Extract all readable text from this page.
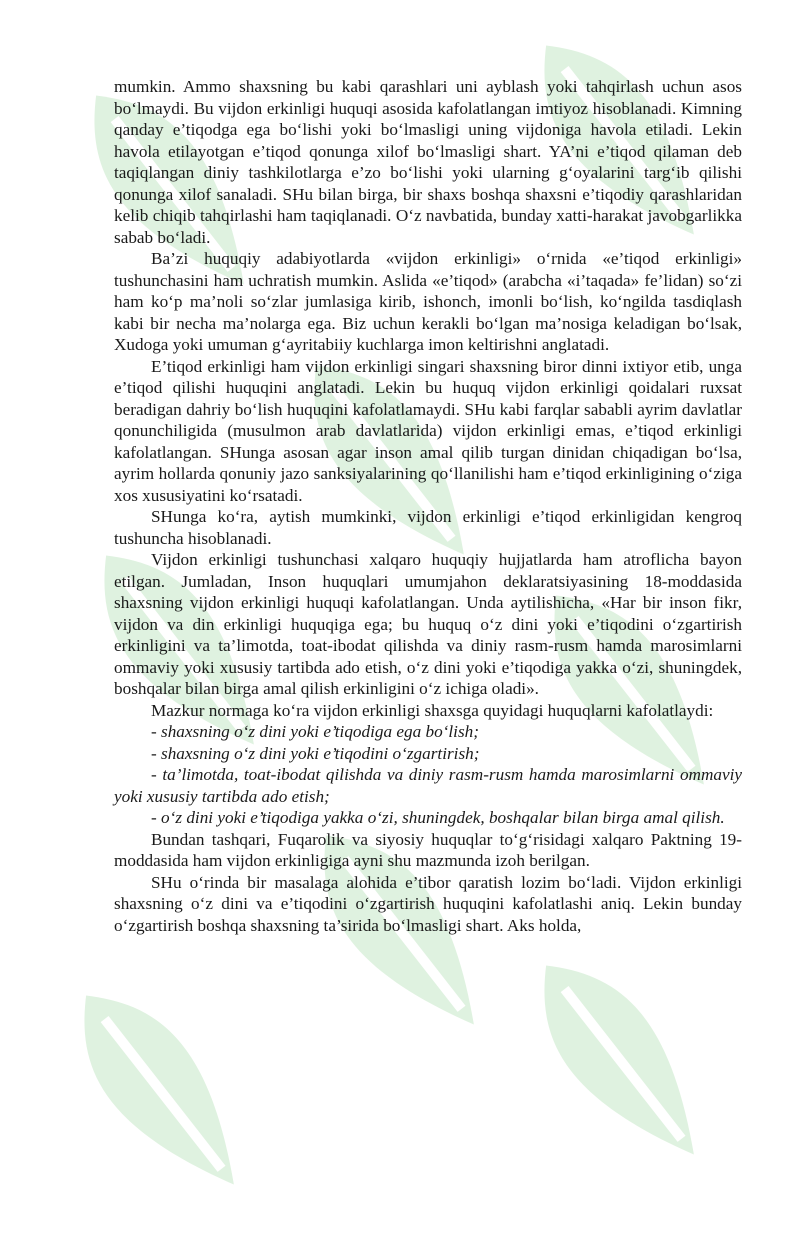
mumkin. Ammo shaxsning bu kabi qarashlari uni ayblash yoki tahqirlash uchun asos bo‘lmaydi. Bu vijdon erkinligi huquqi asosida kafolatlangan imtiyoz hisoblanadi. Kimning qanday e’tiqodga ega bo‘lishi yoki bo‘lmasligi uning vijdoniga havola etiladi. Lekin havola etilayotgan e’tiqod qonunga xilof bo‘lmasligi shart. YA’ni e’tiqod qilaman deb taqiqlangan diniy tashkilotlarga e’zo bo‘lishi yoki ularning g‘oyalarini targ‘ib qilishi qonunga xilof sanaladi. SHu bilan birga, bir shaxs boshqa shaxsni e’tiqodiy qarashlaridan kelib chiqib tahqirlashi ham taqiqlanadi. O‘z navbatida, bunday xatti-harakat javobgarlikka sabab bo‘ladi.

Ba’zi huquqiy adabiyotlarda «vijdon erkinligi» o‘rnida «e’tiqod erkinligi» tushunchasini ham uchratish mumkin. Aslida «e’tiqod» (arabcha «i’taqada» fe’lidan) so‘zi ham ko‘p ma’noli so‘zlar jumlasiga kirib, ishonch, imonli bo‘lish, ko‘ngilda tasdiqlash kabi bir necha ma’nolarga ega. Biz uchun kerakli bo‘lgan ma’nosiga keladigan bo‘lsak, Xudoga yoki umuman g‘ayritabiiy kuchlarga imon keltirishni anglatadi.

E’tiqod erkinligi ham vijdon erkinligi singari shaxsning biror dinni ixtiyor etib, unga e’tiqod qilishi huquqini anglatadi. Lekin bu huquq vijdon erkinligi qoidalari ruxsat beradigan dahriy bo‘lish huquqini kafolatlamaydi. SHu kabi farqlar sababli ayrim davlatlar qonunchiligida (musulmon arab davlatlarida) vijdon erkinligi emas, e’tiqod erkinligi kafolatlangan. SHunga asosan agar inson amal qilib turgan dinidan chiqadigan bo‘lsa, ayrim hollarda qonuniy jazo sanksiyalarining qo‘llanilishi ham e’tiqod erkinligining o‘ziga xos xususiyatini ko‘rsatadi.

SHunga ko‘ra, aytish mumkinki, vijdon erkinligi e’tiqod erkinligidan kengroq tushuncha hisoblanadi.

Vijdon erkinligi tushunchasi xalqaro huquqiy hujjatlarda ham atroflicha bayon etilgan. Jumladan, Inson huquqlari umumjahon deklaratsiyasining 18-moddasida shaxsning vijdon erkinligi huquqi kafolatlangan. Unda aytilishicha, «Har bir inson fikr, vijdon va din erkinligi huquqiga ega; bu huquq o‘z dini yoki e’tiqodini o‘zgartirish erkinligini va ta’limotda, toat-ibodat qilishda va diniy rasm-rusm hamda marosimlarni ommaviy yoki xususiy tartibda ado etish, o‘z dini yoki e’tiqodiga yakka o‘zi, shuningdek, boshqalar bilan birga amal qilish erkinligini o‘z ichiga oladi».

Mazkur normaga ko‘ra vijdon erkinligi shaxsga quyidagi huquqlarni kafolatlaydi:

- shaxsning o‘z dini yoki e’tiqodiga ega bo‘lish;

- shaxsning o‘z dini yoki e’tiqodini o‘zgartirish;

- ta’limotda, toat-ibodat qilishda va diniy rasm-rusm hamda marosimlarni ommaviy yoki xususiy tartibda ado etish;

- o‘z dini yoki e’tiqodiga yakka o‘zi, shuningdek, boshqalar bilan birga amal qilish.

Bundan tashqari, Fuqarolik va siyosiy huquqlar to‘g‘risidagi xalqaro Paktning 19-moddasida ham vijdon erkinligiga ayni shu mazmunda izoh berilgan.

SHu o‘rinda bir masalaga alohida e’tibor qaratish lozim bo‘ladi. Vijdon erkinligi shaxsning o‘z dini va e’tiqodini o‘zgartirish huquqini kafolatlashi aniq. Lekin bunday o‘zgartirish boshqa shaxsning ta’sirida bo‘lmasligi shart. Aks holda,
